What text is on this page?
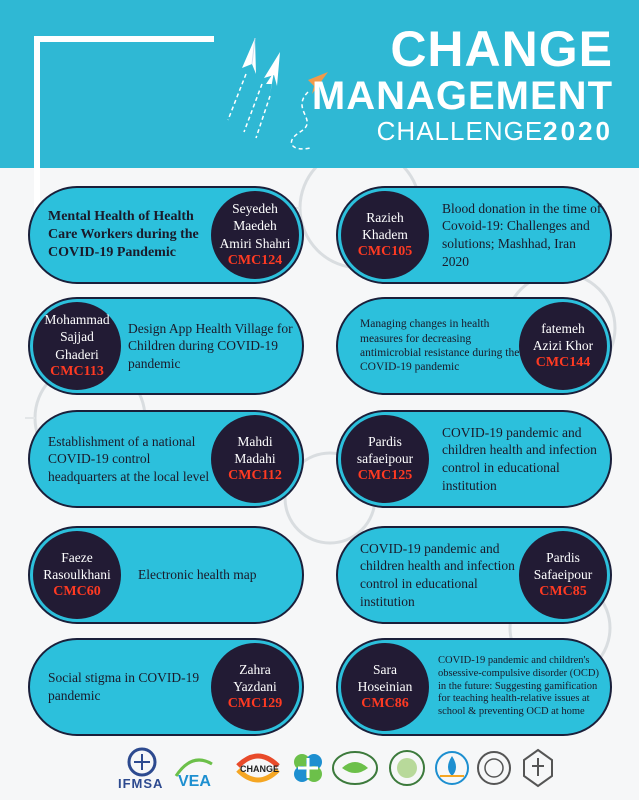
CHANGE
MANAGEMENT
CHALLENGE2020
Mental Health of Health Care Workers during the COVID-19 Pandemic
Seyedeh Maedeh Amiri Shahri
CMC124
Razieh Khadem
CMC105
Blood donation in the time of Covoid-19: Challenges and solutions; Mashhad, Iran 2020
Mohammad Sajjad Ghaderi
CMC113
Design App Health Village for Children during COVID-19 pandemic
Managing changes in health measures for decreasing antimicrobial resistance during the COVID-19 pandemic
fatemeh Azizi Khor
CMC144
Establishment of a national COVID-19 control headquarters at the local level
Mahdi Madahi
CMC112
Pardis safaeipour
CMC125
COVID-19 pandemic and children health and infection control in educational institution
Faeze Rasoulkhani
CMC60
Electronic health map
COVID-19 pandemic and children health and infection control in educational institution
Pardis Safaeipour
CMC85
Social stigma in COVID-19 pandemic
Zahra Yazdani
CMC129
Sara Hoseinian
CMC86
COVID-19 pandemic and children's obsessive-compulsive disorder (OCD) in the future: Suggesting gamification for teaching health-relative issues at school & preventing OCD at home
IFMSA VEA
CHANGE
